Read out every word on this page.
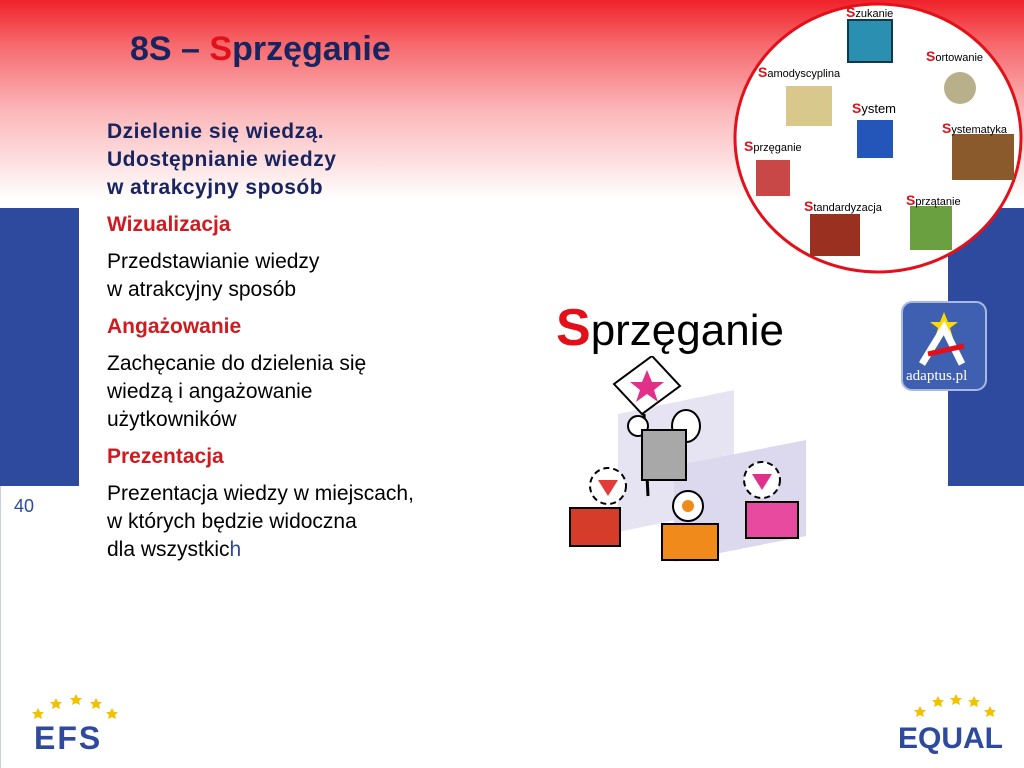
40
8S – Sprzęganie
Dzielenie się wiedzą.
Udostępnianie wiedzy
w atrakcyjny sposób
Wizualizacja
Przedstawianie wiedzy
w atrakcyjny sposób
Angażowanie
Zachęcanie do dzielenia się
wiedzą i angażowanie
użytkowników
Prezentacja
Prezentacja wiedzy w miejscach,
w których będzie widoczna
dla wszystkich
Szukanie
Sortowanie
Samodyscyplina
System
Systematyka
Sprzęganie
Sprzątanie
Standardyzacja
Sprzęganie
adaptus.pl
EFS	EQUAL
